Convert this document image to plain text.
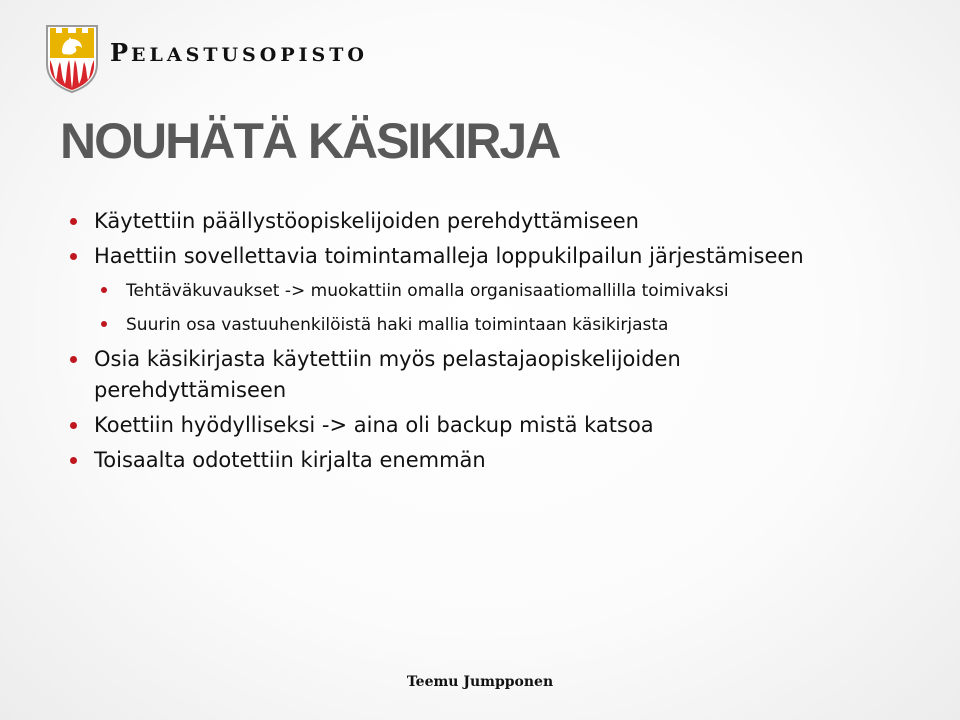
PELASTUSOPISTO
NOUHÄTÄ KÄSIKIRJA
Käytettiin päällystöopiskelijoiden perehdyttämiseen
Haettiin sovellettavia toimintamalleja loppukilpailun järjestämiseen
Tehtäväkuvaukset -> muokattiin omalla organisaatiomallilla toimivaksi
Suurin osa vastuuhenkilöistä haki mallia toimintaan käsikirjasta
Osia käsikirjasta käytettiin myös pelastajaopiskelijoiden perehdyttämiseen
Koettiin hyödylliseksi -> aina oli backup mistä katsoa
Toisaalta odotettiin kirjalta enemmän
Teemu Jumpponen
